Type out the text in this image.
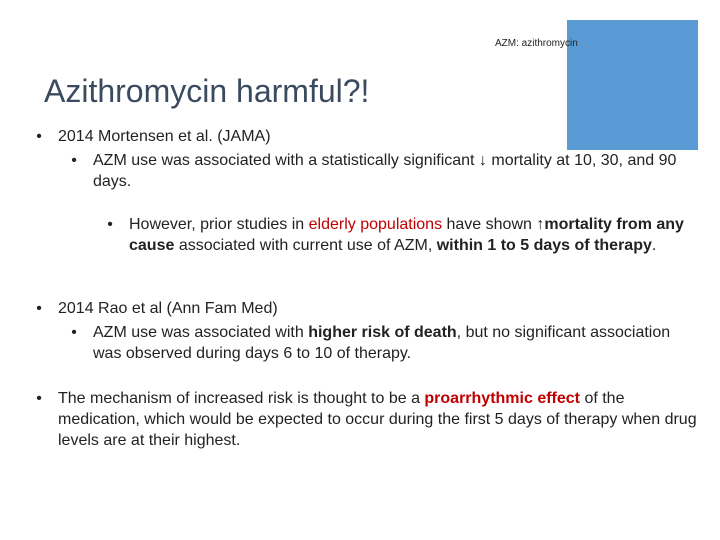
AZM: azithromycin
Azithromycin harmful?!
• 2014 Mortensen et al. (JAMA)
• AZM use was associated with a statistically significant ↓ mortality at 10, 30, and 90 days.
• However, prior studies in elderly populations have shown ↑mortality from any cause associated with current use of AZM, within 1 to 5 days of therapy.
• 2014 Rao et al (Ann Fam Med)
• AZM use was associated with higher risk of death, but no significant association was observed during days 6 to 10 of therapy.
• The mechanism of increased risk is thought to be a proarrhythmic effect of the medication, which would be expected to occur during the first 5 days of therapy when drug levels are at their highest.
